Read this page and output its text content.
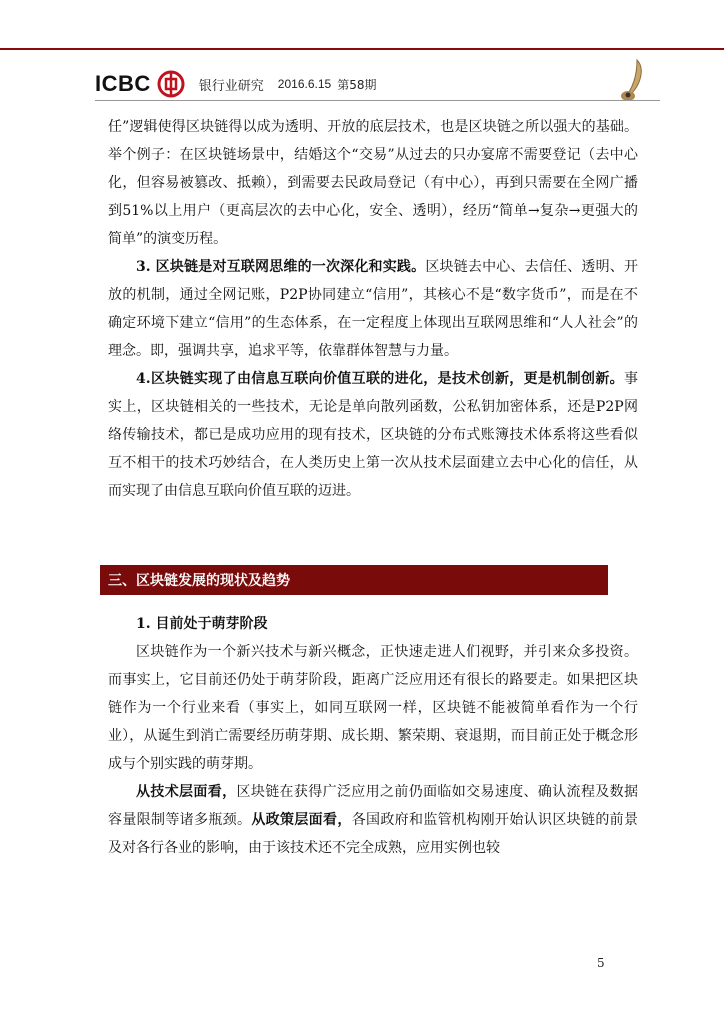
ICBC	银行业研究 2016.6.15 第58期

任”逻辑使得区块链得以成为透明、开放的底层技术，也是区块链之所以强大的基础。举个例子：在区块链场景中，结婚这个“交易”从过去的只办宴席不需要登记（去中心化，但容易被篡改、抵赖），到需要去民政局登记（有中心），再到只需要在全网广播到51%以上用户（更高层次的去中心化，安全、透明），经历“简单→复杂→更强大的简单”的演变历程。

3. 区块链是对互联网思维的一次深化和实践。区块链去中心、去信任、透明、开放的机制，通过全网记账，P2P协同建立“信用”，其核心不是“数字货币”，而是在不确定环境下建立“信用”的生态体系，在一定程度上体现出互联网思维和“人人社会”的理念。即，强调共享，追求平等，依靠群体智慧与力量。

4.区块链实现了由信息互联向价值互联的进化，是技术创新，更是机制创新。事实上，区块链相关的一些技术，无论是单向散列函数，公私钥加密体系，还是P2P网络传输技术，都已是成功应用的现有技术，区块链的分布式账簿技术体系将这些看似互不相干的技术巧妙结合，在人类历史上第一次从技术层面建立去中心化的信任，从而实现了由信息互联向价值互联的迈进。

三、区块链发展的现状及趋势

1. 目前处于萌芽阶段

区块链作为一个新兴技术与新兴概念，正快速走进人们视野，并引来众多投资。而事实上，它目前还仍处于萌芽阶段，距离广泛应用还有很长的路要走。如果把区块链作为一个行业来看（事实上，如同互联网一样，区块链不能被简单看作为一个行业），从诞生到消亡需要经历萌芽期、成长期、繁荣期、衰退期，而目前正处于概念形成与个别实践的萌芽期。

从技术层面看，区块链在获得广泛应用之前仍面临如交易速度、确认流程及数据容量限制等诸多瓶颈。从政策层面看，各国政府和监管机构刚开始认识区块链的前景及对各行各业的影响，由于该技术还不完全成熟，应用实例也较

5
